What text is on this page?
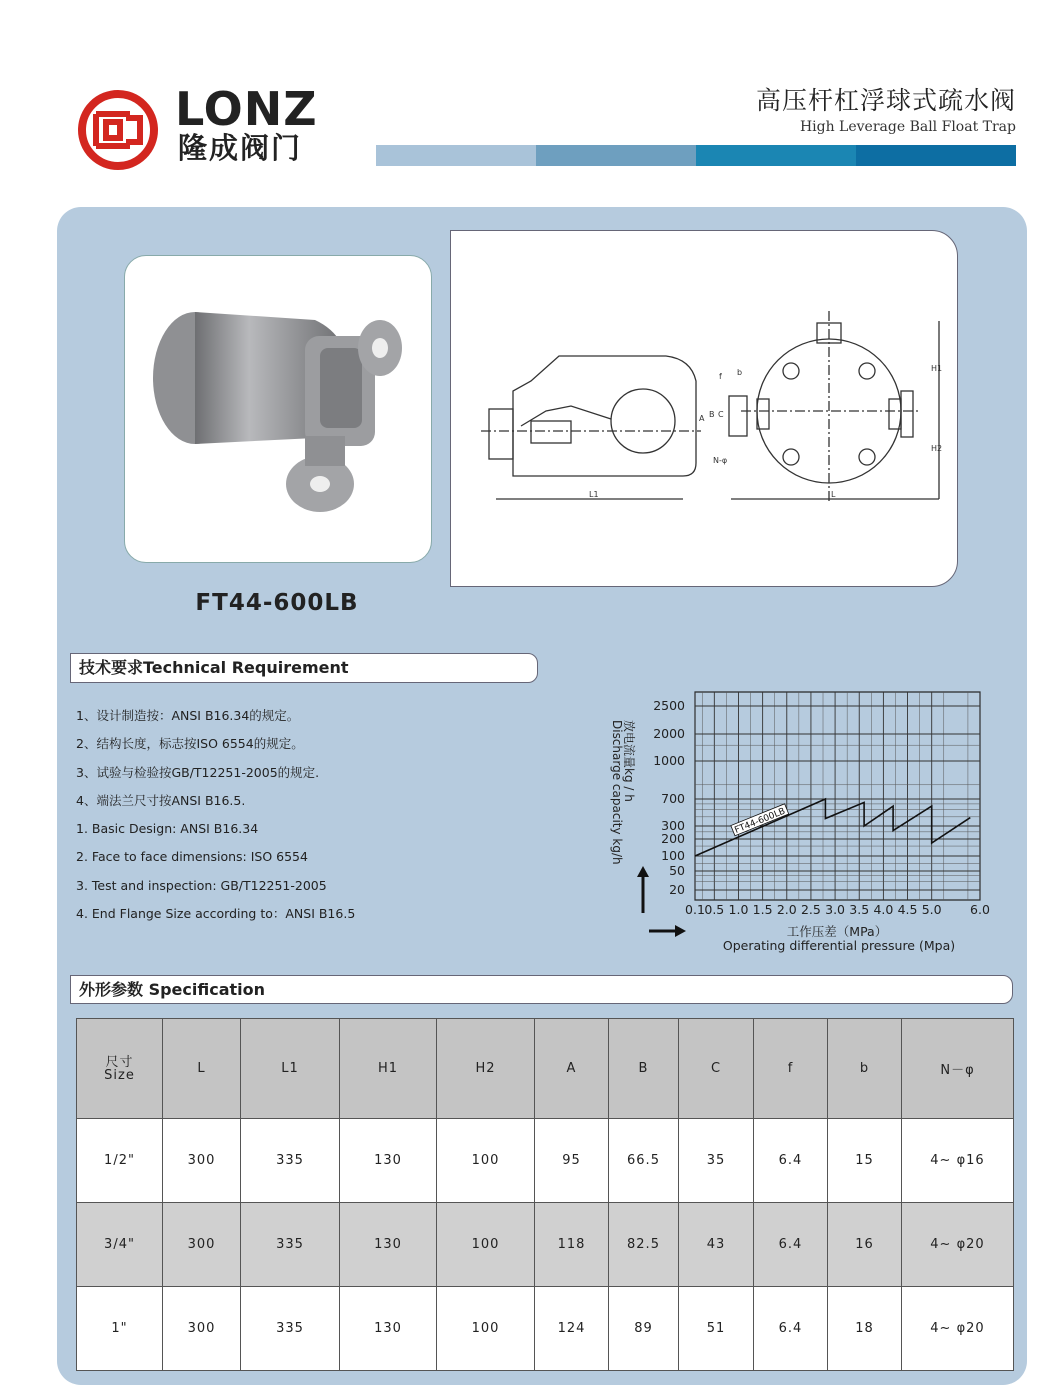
LONZ
隆成阀门
高压杆杠浮球式疏水阀
High Leverage Ball Float Trap
L1	L
H1
H2
A B C
f b
N-φ
FT44-600LB
技术要求Technical Requirement
1、设计制造按：ANSI B16.34的规定。
2、结构长度，标志按ISO 6554的规定。
3、试验与检验按GB/T12251-2005的规定.
4、端法兰尺寸按ANSI B16.5.
1. Basic Design: ANSI B16.34
2. Face to face dimensions: ISO 6554
3. Test and inspection: GB/T12251-2005
4. End Flange Size according to：ANSI B16.5
20
50
100
200
300
700
1000
2000
2500
0.1 0.5 1.0 1.5 2.0 2.5 3.0 3.5 4.0 4.5 5.0 6.0
FT44-600LB
放电流量kg / h
Discharge capacity kg/h
工作压差（MPa）
Operating differential pressure (Mpa)
外形参数 Specification
尺寸
Size	L	L1	H1	H2	A	B	C	f	b	N－φ
1/2"	300	335	130	100	95	66.5	35	6.4	15	4~ φ16
3/4"	300	335	130	100	118	82.5	43	6.4	16	4~ φ20
1"	300	335	130	100	124	89	51	6.4	18	4~ φ20
